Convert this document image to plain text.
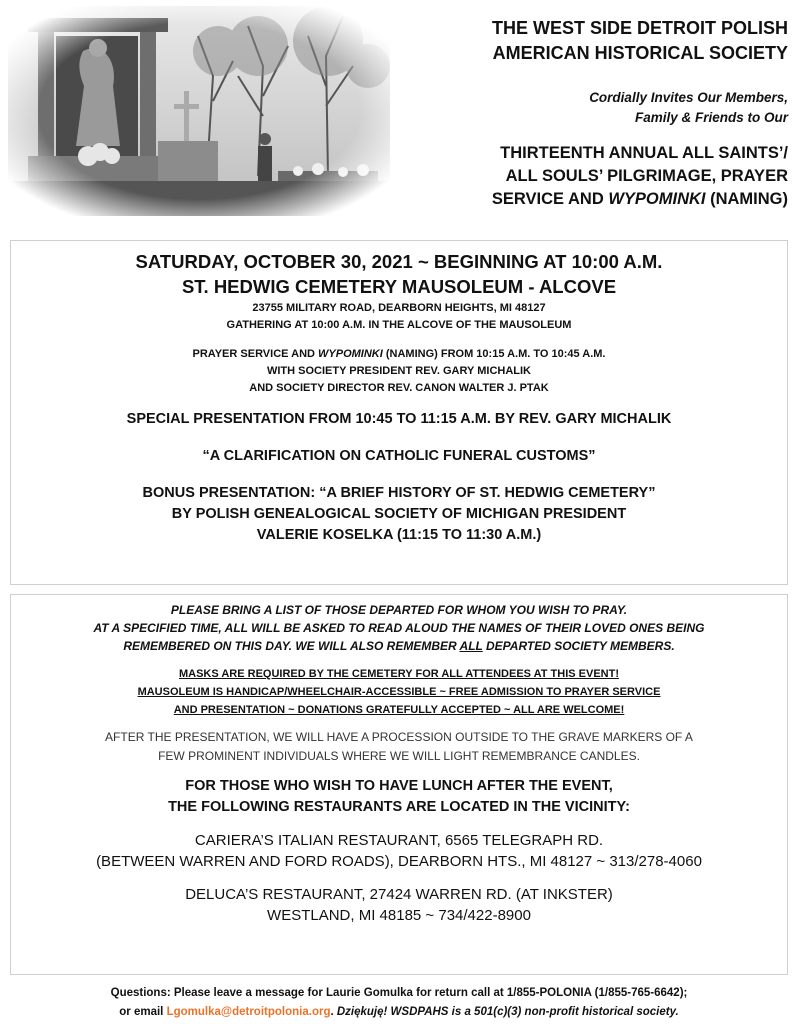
THE WEST SIDE DETROIT POLISH
AMERICAN HISTORICAL SOCIETY
Cordially Invites Our Members,
Family & Friends to Our
THIRTEENTH ANNUAL ALL SAINTS’/
ALL SOULS’ PILGRIMAGE, PRAYER
SERVICE AND WYPOMINKI (NAMING)
SATURDAY, OCTOBER 30, 2021 ~ BEGINNING AT 10:00 A.M.
ST. HEDWIG CEMETERY MAUSOLEUM - ALCOVE
23755 MILITARY ROAD, DEARBORN HEIGHTS, MI 48127
GATHERING AT 10:00 A.M. IN THE ALCOVE OF THE MAUSOLEUM
PRAYER SERVICE AND WYPOMINKI (NAMING) FROM 10:15 A.M. TO 10:45 A.M.
WITH SOCIETY PRESIDENT REV. GARY MICHALIK
AND SOCIETY DIRECTOR REV. CANON WALTER J. PTAK
SPECIAL PRESENTATION FROM 10:45 TO 11:15 A.M. BY REV. GARY MICHALIK
“A CLARIFICATION ON CATHOLIC FUNERAL CUSTOMS”
BONUS PRESENTATION: “A BRIEF HISTORY OF ST. HEDWIG CEMETERY”
BY POLISH GENEALOGICAL SOCIETY OF MICHIGAN PRESIDENT
VALERIE KOSELKA (11:15 TO 11:30 A.M.)
PLEASE BRING A LIST OF THOSE DEPARTED FOR WHOM YOU WISH TO PRAY.
AT A SPECIFIED TIME, ALL WILL BE ASKED TO READ ALOUD THE NAMES OF THEIR LOVED ONES BEING
REMEMBERED ON THIS DAY. WE WILL ALSO REMEMBER ALL DEPARTED SOCIETY MEMBERS.
MASKS ARE REQUIRED BY THE CEMETERY FOR ALL ATTENDEES AT THIS EVENT!
MAUSOLEUM IS HANDICAP/WHEELCHAIR-ACCESSIBLE ~ FREE ADMISSION TO PRAYER SERVICE
AND PRESENTATION ~ DONATIONS GRATEFULLY ACCEPTED ~ ALL ARE WELCOME!
AFTER THE PRESENTATION, WE WILL HAVE A PROCESSION OUTSIDE TO THE GRAVE MARKERS OF A
FEW PROMINENT INDIVIDUALS WHERE WE WILL LIGHT REMEMBRANCE CANDLES.
FOR THOSE WHO WISH TO HAVE LUNCH AFTER THE EVENT,
THE FOLLOWING RESTAURANTS ARE LOCATED IN THE VICINITY:
CARIERA’S ITALIAN RESTAURANT, 6565 TELEGRAPH RD.
(BETWEEN WARREN AND FORD ROADS), DEARBORN HTS., MI 48127 ~ 313/278-4060
DELUCA’S RESTAURANT, 27424 WARREN RD. (AT INKSTER)
WESTLAND, MI 48185 ~ 734/422-8900
Questions: Please leave a message for Laurie Gomulka for return call at 1/855-POLONIA (1/855-765-6642);
or email Lgomulka@detroitpolonia.org. Dziękuję! WSDPAHS is a 501(c)(3) non-profit historical society.
